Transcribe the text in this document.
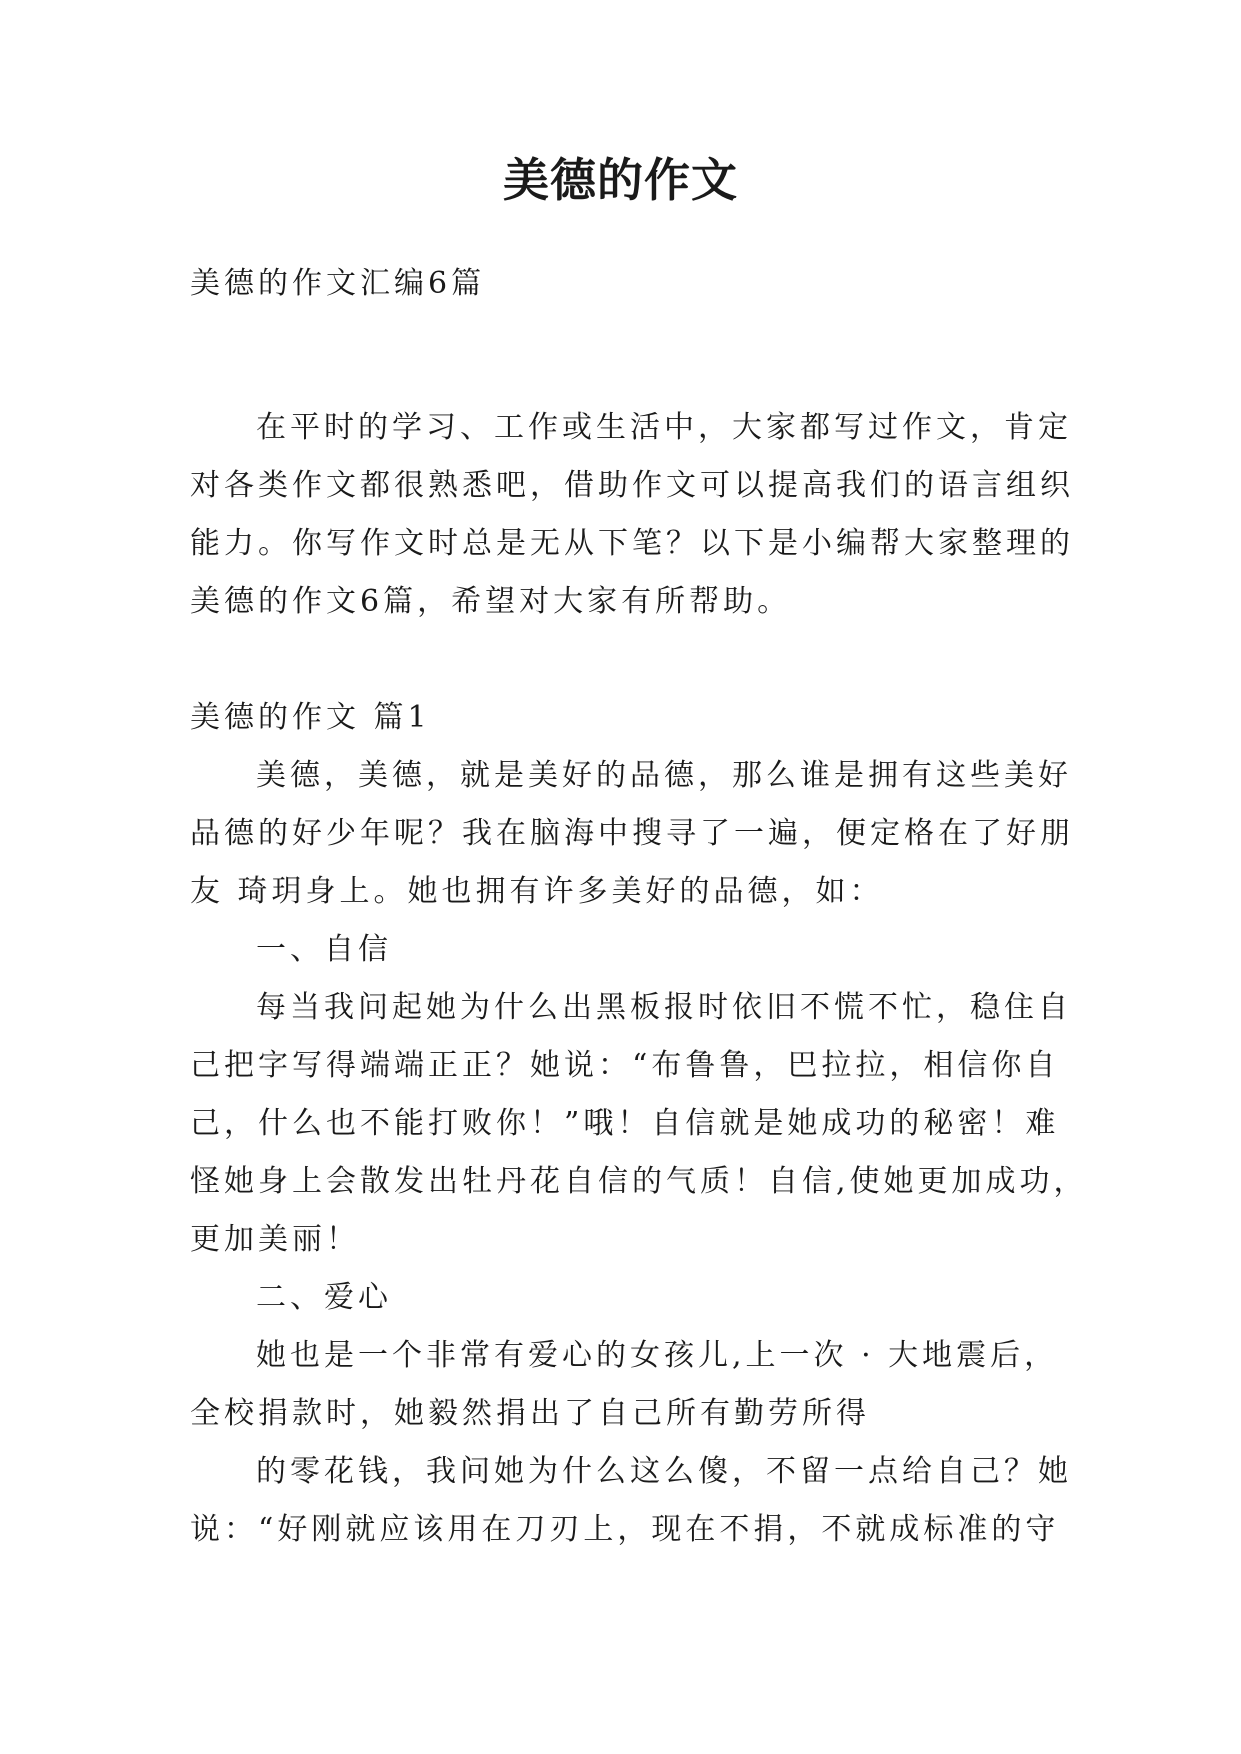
美德的作文

美德的作文汇编6篇

在平时的学习、工作或生活中，大家都写过作文，肯定

对各类作文都很熟悉吧，借助作文可以提高我们的语言组织

能力。你写作文时总是无从下笔？以下是小编帮大家整理的

美德的作文6篇，希望对大家有所帮助。

美德的作文 篇1

美德，美德，就是美好的品德，那么谁是拥有这些美好

品德的好少年呢？我在脑海中搜寻了一遍，便定格在了好朋

友 琦玥身上。她也拥有许多美好的品德，如：

一、自信

每当我问起她为什么出黑板报时依旧不慌不忙，稳住自

己把字写得端端正正？她说：“布鲁鲁，巴拉拉，相信你自

己，什么也不能打败你！”哦！自信就是她成功的秘密！难

怪她身上会散发出牡丹花自信的气质！自信,使她更加成功，

更加美丽！

二、爱心

她也是一个非常有爱心的女孩儿,上一次 · 大地震后，

全校捐款时，她毅然捐出了自己所有勤劳所得

的零花钱，我问她为什么这么傻，不留一点给自己？她

说：“好刚就应该用在刀刃上，现在不捐，不就成标准的守
